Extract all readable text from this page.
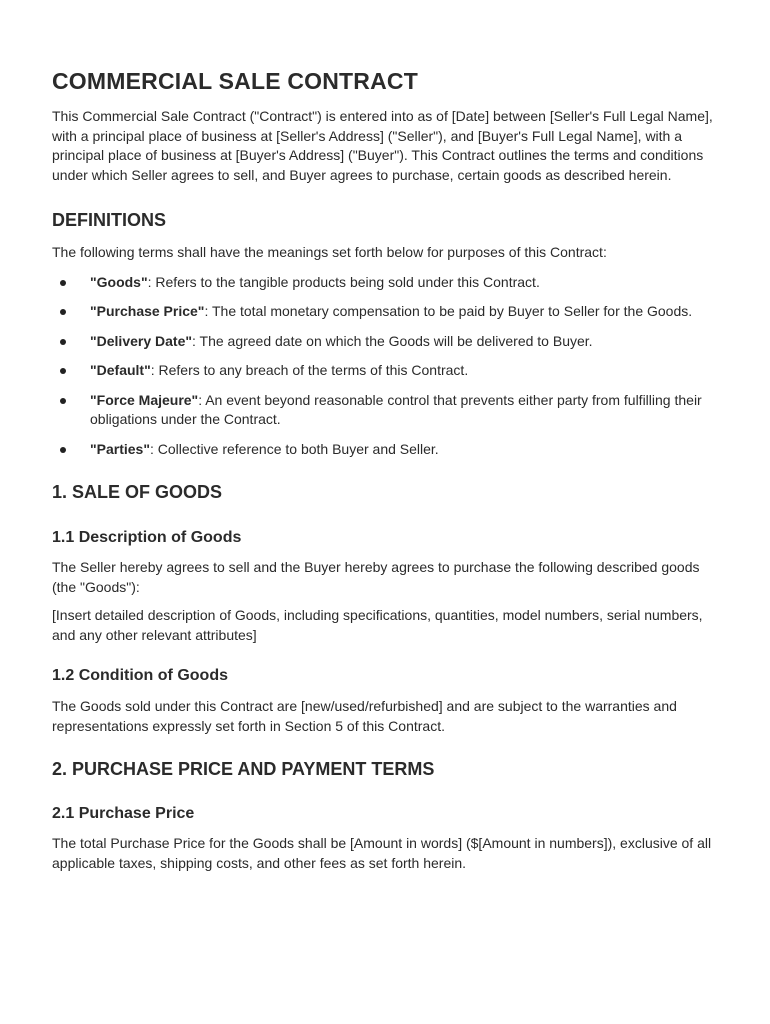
COMMERCIAL SALE CONTRACT

This Commercial Sale Contract ("Contract") is entered into as of [Date] between [Seller's Full Legal Name], with a principal place of business at [Seller's Address] ("Seller"), and [Buyer's Full Legal Name], with a principal place of business at [Buyer's Address] ("Buyer"). This Contract outlines the terms and conditions under which Seller agrees to sell, and Buyer agrees to purchase, certain goods as described herein.

DEFINITIONS

The following terms shall have the meanings set forth below for purposes of this Contract:

"Goods": Refers to the tangible products being sold under this Contract.
"Purchase Price": The total monetary compensation to be paid by Buyer to Seller for the Goods.
"Delivery Date": The agreed date on which the Goods will be delivered to Buyer.
"Default": Refers to any breach of the terms of this Contract.
"Force Majeure": An event beyond reasonable control that prevents either party from fulfilling their obligations under the Contract.
"Parties": Collective reference to both Buyer and Seller.
1. SALE OF GOODS
1.1 Description of Goods

The Seller hereby agrees to sell and the Buyer hereby agrees to purchase the following described goods (the "Goods"):

[Insert detailed description of Goods, including specifications, quantities, model numbers, serial numbers, and any other relevant attributes]

1.2 Condition of Goods

The Goods sold under this Contract are [new/used/refurbished] and are subject to the warranties and representations expressly set forth in Section 5 of this Contract.

2. PURCHASE PRICE AND PAYMENT TERMS
2.1 Purchase Price

The total Purchase Price for the Goods shall be [Amount in words] ($[Amount in numbers]), exclusive of all applicable taxes, shipping costs, and other fees as set forth herein.
